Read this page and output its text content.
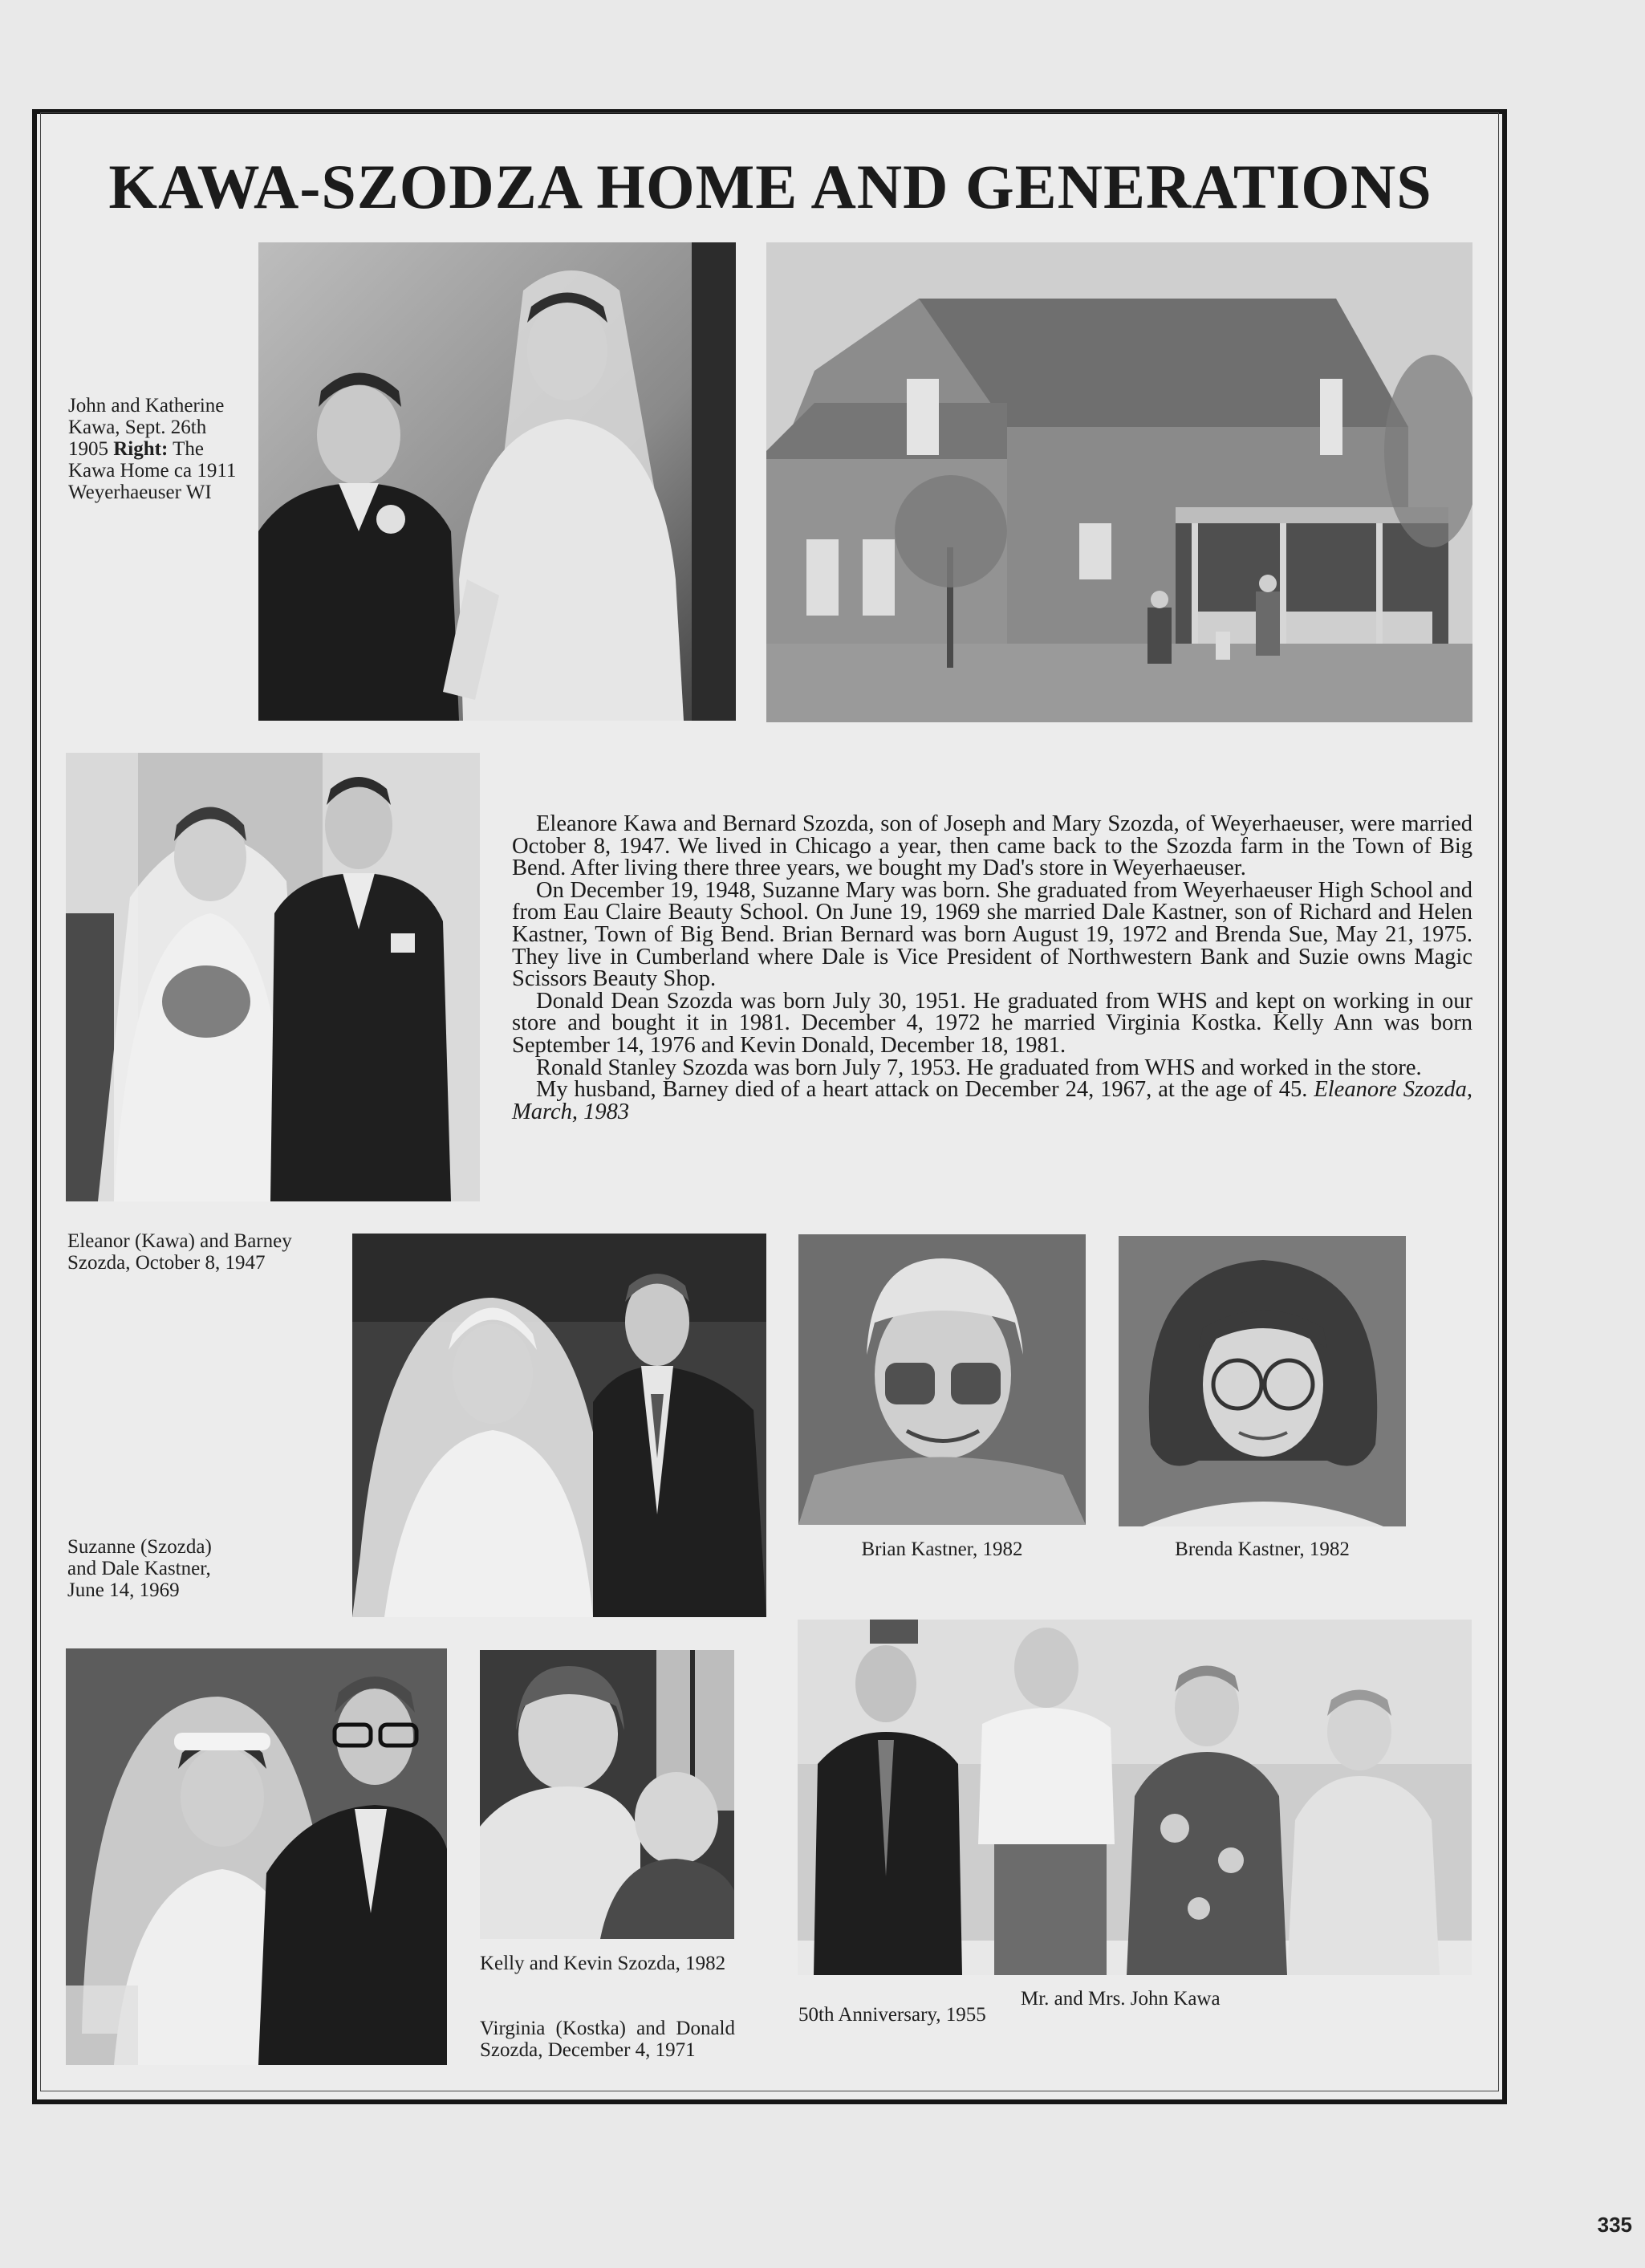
KAWA-SZODZA HOME AND GENERATIONS
John and Katherine Kawa, Sept. 26th 1905 Right: The Kawa Home ca 1911 Weyerhaeuser WI

Eleanore Kawa and Bernard Szozda, son of Joseph and Mary Szozda, of Weyerhaeuser, were married October 8, 1947. We lived in Chicago a year, then came back to the Szozda farm in the Town of Big Bend. After living there three years, we bought my Dad's store in Weyerhaeuser.

On December 19, 1948, Suzanne Mary was born. She graduated from Weyerhaeuser High School and from Eau Claire Beauty School. On June 19, 1969 she married Dale Kastner, son of Richard and Helen Kastner, Town of Big Bend. Brian Bernard was born August 19, 1972 and Brenda Sue, May 21, 1975. They live in Cumberland where Dale is Vice President of Northwestern Bank and Suzie owns Magic Scissors Beauty Shop.

Donald Dean Szozda was born July 30, 1951. He graduated from WHS and kept on working in our store and bought it in 1981. December 4, 1972 he married Virginia Kostka. Kelly Ann was born September 14, 1976 and Kevin Donald, December 18, 1981.

Ronald Stanley Szozda was born July 7, 1953. He graduated from WHS and worked in the store.

My husband, Barney died of a heart attack on December 24, 1967, at the age of 45. Eleanore Szozda, March, 1983

Eleanor (Kawa) and Barney Szozda, October 8, 1947
Suzanne (Szozda) and Dale Kastner, June 14, 1969
Brian Kastner, 1982	Brenda Kastner, 1982
Kelly and Kevin Szozda, 1982
Virginia (Kostka) and Donald Szozda, December 4, 1971
50th Anniversary, 1955
Mr. and Mrs. John Kawa
335
